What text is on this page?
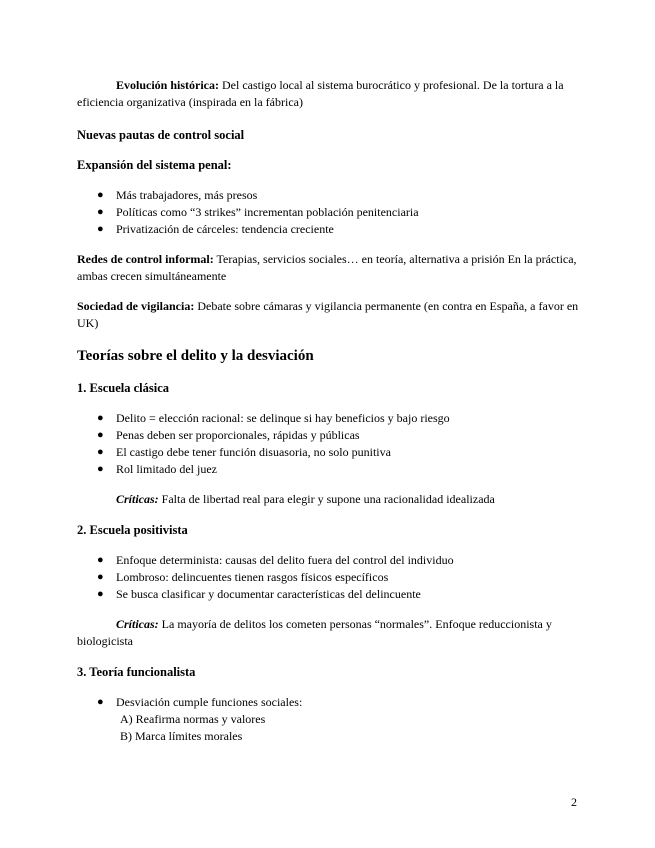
Evolución histórica: Del castigo local al sistema burocrático y profesional. De la tortura a la eficiencia organizativa (inspirada en la fábrica)

Nuevas pautas de control social

Expansión del sistema penal:

● Más trabajadores, más presos
● Políticas como “3 strikes” incrementan población penitenciaria
● Privatización de cárceles: tendencia creciente

Redes de control informal: Terapias, servicios sociales… en teoría, alternativa a prisión En la práctica, ambas crecen simultáneamente

Sociedad de vigilancia: Debate sobre cámaras y vigilancia permanente (en contra en España, a favor en UK)

Teorías sobre el delito y la desviación

1. Escuela clásica

● Delito = elección racional: se delinque si hay beneficios y bajo riesgo
● Penas deben ser proporcionales, rápidas y públicas
● El castigo debe tener función disuasoria, no solo punitiva
● Rol limitado del juez

Críticas: Falta de libertad real para elegir y supone una racionalidad idealizada

2. Escuela positivista

● Enfoque determinista: causas del delito fuera del control del individuo
● Lombroso: delincuentes tienen rasgos físicos específicos
● Se busca clasificar y documentar características del delincuente

Críticas: La mayoría de delitos los cometen personas “normales”. Enfoque reduccionista y biologicista

3. Teoría funcionalista

● Desviación cumple funciones sociales:
A) Reafirma normas y valores
B) Marca límites morales
2
